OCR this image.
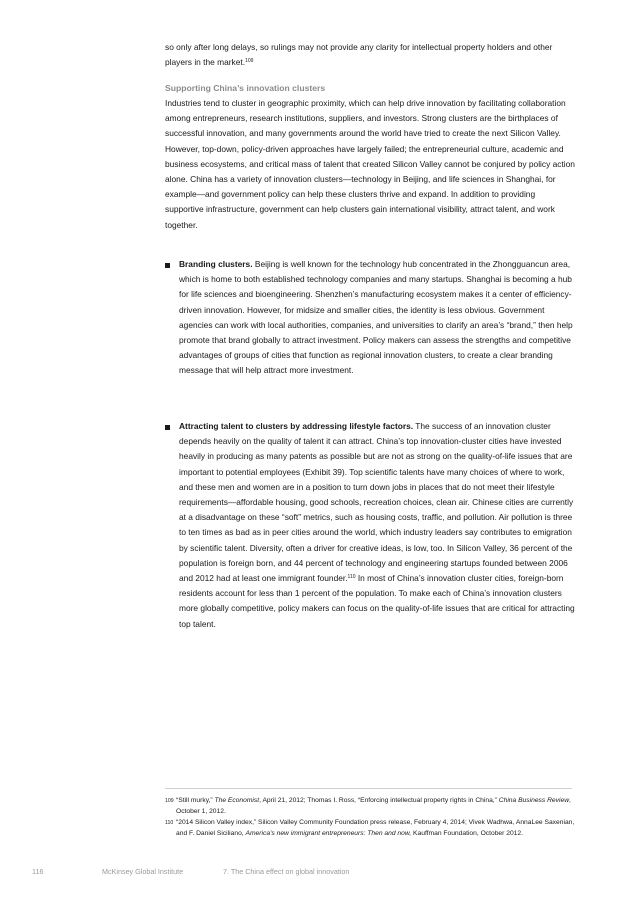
so only after long delays, so rulings may not provide any clarity for intellectual property holders and other players in the market.$^{109}$

Supporting China’s innovation clusters

Industries tend to cluster in geographic proximity, which can help drive innovation by facilitating collaboration among entrepreneurs, research institutions, suppliers, and investors. Strong clusters are the birthplaces of successful innovation, and many governments around the world have tried to create the next Silicon Valley. However, top-down, policy-driven approaches have largely failed; the entrepreneurial culture, academic and business ecosystems, and critical mass of talent that created Silicon Valley cannot be conjured by policy action alone. China has a variety of innovation clusters—technology in Beijing, and life sciences in Shanghai, for example—and government policy can help these clusters thrive and expand. In addition to providing supportive infrastructure, government can help clusters gain international visibility, attract talent, and work together.

Branding clusters. Beijing is well known for the technology hub concentrated in the Zhongguancun area, which is home to both established technology companies and many startups. Shanghai is becoming a hub for life sciences and bioengineering. Shenzhen’s manufacturing ecosystem makes it a center of efficiency-driven innovation. However, for midsize and smaller cities, the identity is less obvious. Government agencies can work with local authorities, companies, and universities to clarify an area’s “brand,” then help promote that brand globally to attract investment. Policy makers can assess the strengths and competitive advantages of groups of cities that function as regional innovation clusters, to create a clear branding message that will help attract more investment.

Attracting talent to clusters by addressing lifestyle factors. The success of an innovation cluster depends heavily on the quality of talent it can attract. China’s top innovation-cluster cities have invested heavily in producing as many patents as possible but are not as strong on the quality-of-life issues that are important to potential employees (Exhibit 39). Top scientific talents have many choices of where to work, and these men and women are in a position to turn down jobs in places that do not meet their lifestyle requirements—affordable housing, good schools, recreation choices, clean air. Chinese cities are currently at a disadvantage on these “soft” metrics, such as housing costs, traffic, and pollution. Air pollution is three to ten times as bad as in peer cities around the world, which industry leaders say contributes to emigration by scientific talent. Diversity, often a driver for creative ideas, is low, too. In Silicon Valley, 36 percent of the population is foreign born, and 44 percent of technology and engineering startups founded between 2006 and 2012 had at least one immigrant founder.$^{110}$ In most of China’s innovation cluster cities, foreign-born residents account for less than 1 percent of the population. To make each of China’s innovation clusters more globally competitive, policy makers can focus on the quality-of-life issues that are critical for attracting top talent.

109 “Still murky,” The Economist, April 21, 2012; Thomas I. Ross, “Enforcing intellectual property rights in China,” China Business Review, October 1, 2012.
110 “2014 Silicon Valley index,” Silicon Valley Community Foundation press release, February 4, 2014; Vivek Wadhwa, AnnaLee Saxenian, and F. Daniel Siciliano, America’s new immigrant entrepreneurs: Then and now, Kauffman Foundation, October 2012.
116	McKinsey Global Institute	7. The China effect on global innovation
